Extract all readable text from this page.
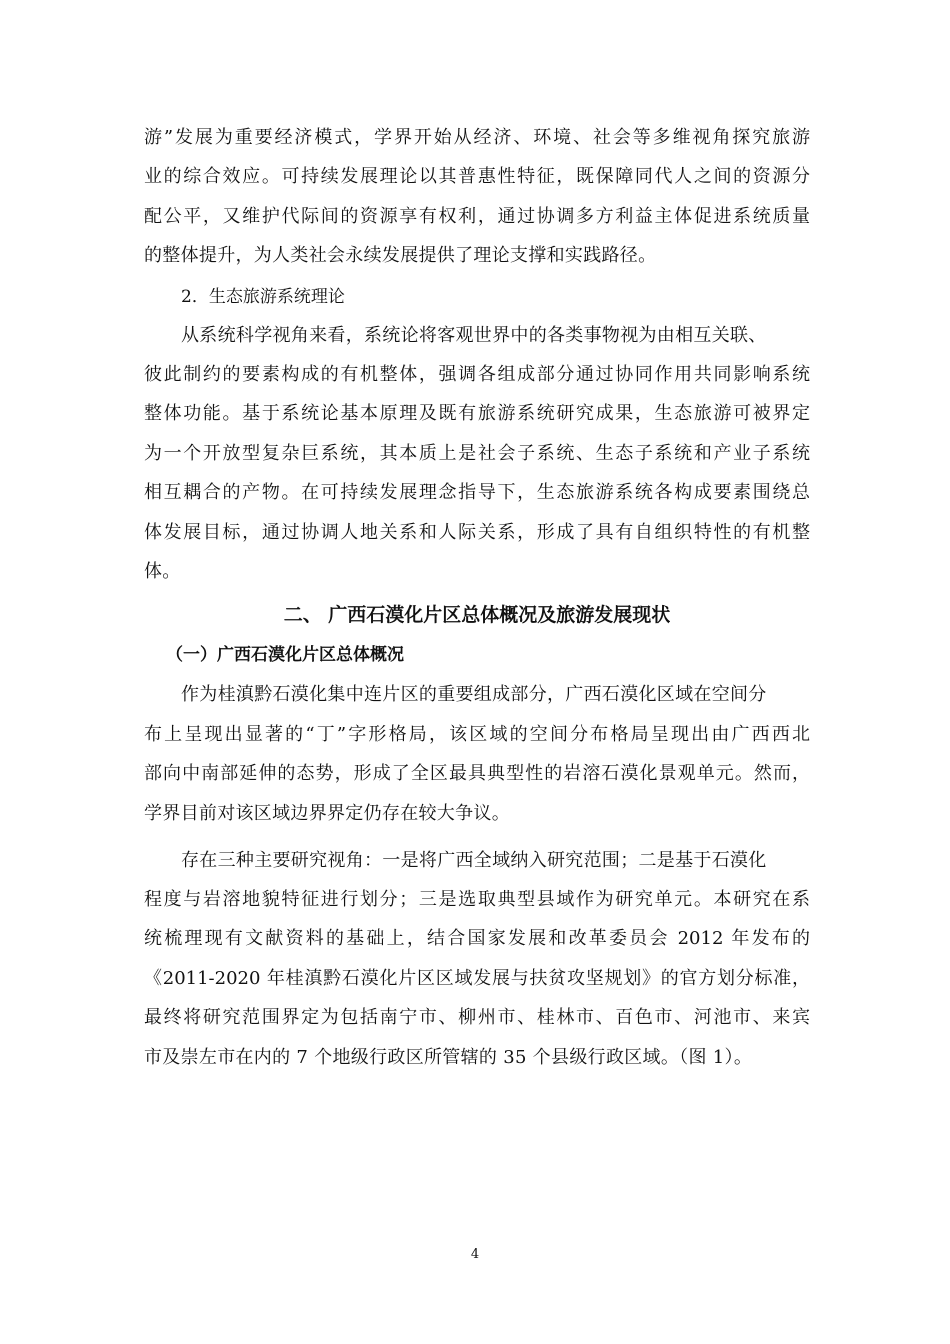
游”发展为重要经济模式，学界开始从经济、环境、社会等多维视角探究旅游
业的综合效应。可持续发展理论以其普惠性特征，既保障同代人之间的资源分
配公平，又维护代际间的资源享有权利，通过协调多方利益主体促进系统质量
的整体提升，为人类社会永续发展提供了理论支撑和实践路径。
2．生态旅游系统理论
从系统科学视角来看，系统论将客观世界中的各类事物视为由相互关联、
彼此制约的要素构成的有机整体，强调各组成部分通过协同作用共同影响系统
整体功能。基于系统论基本原理及既有旅游系统研究成果，生态旅游可被界定
为一个开放型复杂巨系统，其本质上是社会子系统、生态子系统和产业子系统
相互耦合的产物。在可持续发展理念指导下，生态旅游系统各构成要素围绕总
体发展目标，通过协调人地关系和人际关系，形成了具有自组织特性的有机整
体。
二、 广西石漠化片区总体概况及旅游发展现状
（一）广西石漠化片区总体概况
作为桂滇黔石漠化集中连片区的重要组成部分，广西石漠化区域在空间分
布上呈现出显著的“丁”字形格局，该区域的空间分布格局呈现出由广西西北
部向中南部延伸的态势，形成了全区最具典型性的岩溶石漠化景观单元。然而，
学界目前对该区域边界界定仍存在较大争议。
存在三种主要研究视角：一是将广西全域纳入研究范围；二是基于石漠化
程度与岩溶地貌特征进行划分；三是选取典型县域作为研究单元。本研究在系
统梳理现有文献资料的基础上，结合国家发展和改革委员会 2012 年发布的
《2011-2020 年桂滇黔石漠化片区区域发展与扶贫攻坚规划》的官方划分标准，
最终将研究范围界定为包括南宁市、柳州市、桂林市、百色市、河池市、来宾
市及崇左市在内的 7 个地级行政区所管辖的 35 个县级行政区域。（图 1）。
4
